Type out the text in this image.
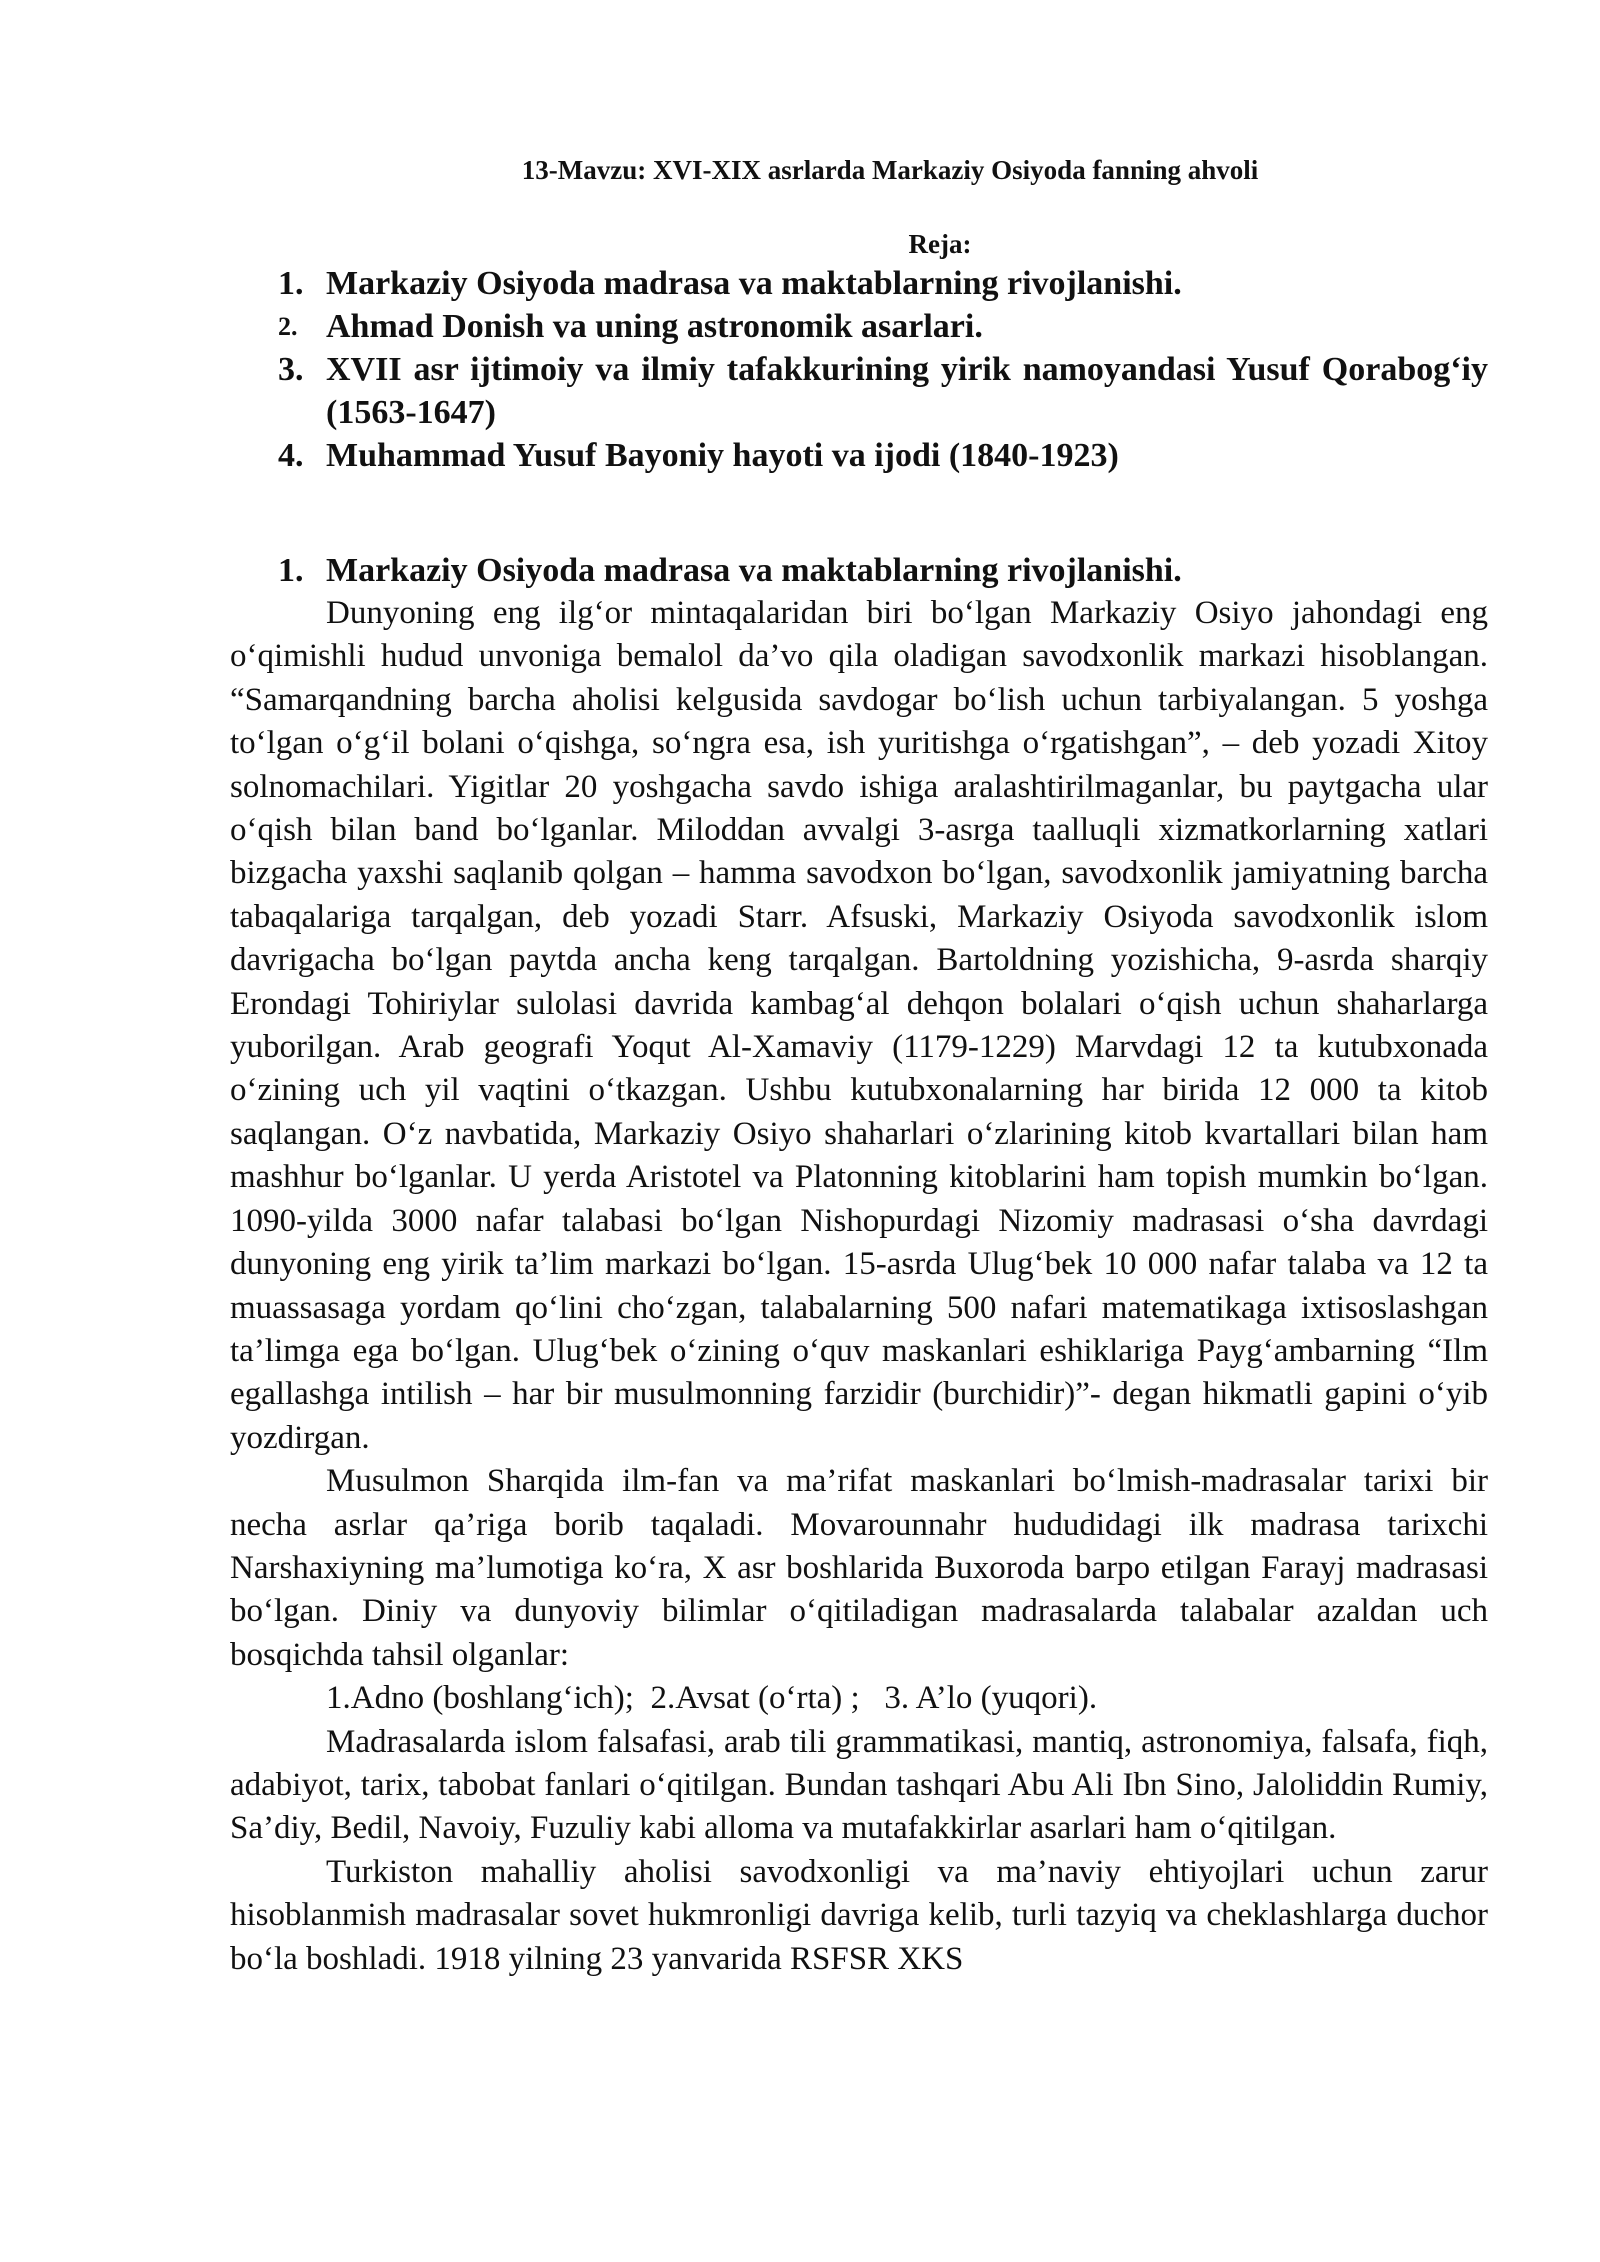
13-Mavzu: XVI-XIX asrlarda Markaziy Osiyoda fanning ahvoli
Reja:
1. Markaziy Osiyoda madrasa va maktablarning rivojlanishi.
2. Ahmad Donish va uning astronomik asarlari.
3. XVII asr ijtimoiy va ilmiy tafakkurining yirik namoyandasi Yusuf Qorabog‘iy (1563-1647)
4. Muhammad Yusuf Bayoniy hayoti va ijodi (1840-1923)
1. Markaziy Osiyoda madrasa va maktablarning rivojlanishi.

Dunyoning eng ilg‘or mintaqalaridan biri bo‘lgan Markaziy Osiyo jahondagi eng o‘qimishli hudud unvoniga bemalol da’vo qila oladigan savodxonlik markazi hisoblangan. “Samarqandning barcha aholisi kelgusida savdogar bo‘lish uchun tarbiyalangan. 5 yoshga to‘lgan o‘g‘il bolani o‘qishga, so‘ngra esa, ish yuritishga o‘rgatishgan”, – deb yozadi Xitoy solnomachilari. Yigitlar 20 yoshgacha savdo ishiga aralashtirilmaganlar, bu paytgacha ular o‘qish bilan band bo‘lganlar. Miloddan avvalgi 3-asrga taalluqli xizmatkorlarning xatlari bizgacha yaxshi saqlanib qolgan – hamma savodxon bo‘lgan, savodxonlik jamiyatning barcha tabaqalariga tarqalgan, deb yozadi Starr. Afsuski, Markaziy Osiyoda savodxonlik islom davrigacha bo‘lgan paytda ancha keng tarqalgan. Bartoldning yozishicha, 9-asrda sharqiy Erondagi Tohiriylar sulolasi davrida kambag‘al dehqon bolalari o‘qish uchun shaharlarga yuborilgan. Arab geografi Yoqut Al-Xamaviy (1179-1229) Marvdagi 12 ta kutubxonada o‘zining uch yil vaqtini o‘tkazgan. Ushbu kutubxonalarning har birida 12 000 ta kitob saqlangan. O‘z navbatida, Markaziy Osiyo shaharlari o‘zlarining kitob kvartallari bilan ham mashhur bo‘lganlar. U yerda Aristotel va Platonning kitoblarini ham topish mumkin bo‘lgan. 1090-yilda 3000 nafar talabasi bo‘lgan Nishopurdagi Nizomiy madrasasi o‘sha davrdagi dunyoning eng yirik ta’lim markazi bo‘lgan. 15-asrda Ulug‘bek 10 000 nafar talaba va 12 ta muassasaga yordam qo‘lini cho‘zgan, talabalarning 500 nafari matematikaga ixtisoslashgan ta’limga ega bo‘lgan. Ulug‘bek o‘zining o‘quv maskanlari eshiklariga Payg‘ambarning “Ilm egallashga intilish – har bir musulmonning farzidir (burchidir)”- degan hikmatli gapini o‘yib yozdirgan.

Musulmon Sharqida ilm-fan va ma’rifat maskanlari bo‘lmish-madrasalar tarixi bir necha asrlar qa’riga borib taqaladi. Movarounnahr hududidagi ilk madrasa tarixchi Narshaxiyning ma’lumotiga ko‘ra, X asr boshlarida Buxoroda barpo etilgan Farayj madrasasi bo‘lgan. Diniy va dunyoviy bilimlar o‘qitiladigan madrasalarda talabalar azaldan uch bosqichda tahsil olganlar:

1.Adno (boshlang‘ich);  2.Avsat (o‘rta) ;   3. A’lo (yuqori).

Madrasalarda islom falsafasi, arab tili grammatikasi, mantiq, astronomiya, falsafa, fiqh, adabiyot, tarix, tabobat fanlari o‘qitilgan. Bundan tashqari Abu Ali Ibn Sino, Jaloliddin Rumiy, Sa’diy, Bedil, Navoiy, Fuzuliy kabi alloma va mutafakkirlar asarlari ham o‘qitilgan.

Turkiston mahalliy aholisi savodxonligi va ma’naviy ehtiyojlari uchun zarur hisoblanmish madrasalar sovet hukmronligi davriga kelib, turli tazyiq va cheklashlarga duchor bo‘la boshladi. 1918 yilning 23 yanvarida RSFSR XKS
